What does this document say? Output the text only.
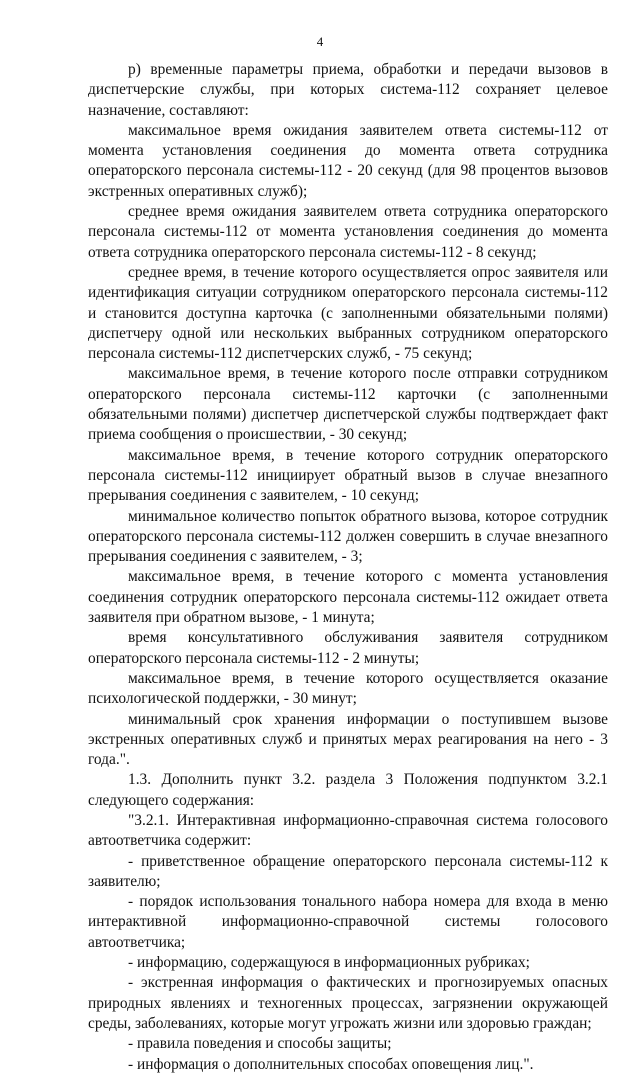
4

р) временные параметры приема, обработки и передачи вызовов в диспетчерские службы, при которых система-112 сохраняет целевое назначение, составляют:

максимальное время ожидания заявителем ответа системы-112 от момента установления соединения до момента ответа сотрудника операторского персонала системы-112 - 20 секунд (для 98 процентов вызовов экстренных оперативных служб);

среднее время ожидания заявителем ответа сотрудника операторского персонала системы-112 от момента установления соединения до момента ответа сотрудника операторского персонала системы-112 - 8 секунд;

среднее время, в течение которого осуществляется опрос заявителя или идентификация ситуации сотрудником операторского персонала системы-112 и становится доступна карточка (с заполненными обязательными полями) диспетчеру одной или нескольких выбранных сотрудником операторского персонала системы-112 диспетчерских служб, - 75 секунд;

максимальное время, в течение которого после отправки сотрудником операторского персонала системы-112 карточки (с заполненными обязательными полями) диспетчер диспетчерской службы подтверждает факт приема сообщения о происшествии, - 30 секунд;

максимальное время, в течение которого сотрудник операторского персонала системы-112 инициирует обратный вызов в случае внезапного прерывания соединения с заявителем, - 10 секунд;

минимальное количество попыток обратного вызова, которое сотрудник операторского персонала системы-112 должен совершить в случае внезапного прерывания соединения с заявителем, - 3;

максимальное время, в течение которого с момента установления соединения сотрудник операторского персонала системы-112 ожидает ответа заявителя при обратном вызове, - 1 минута;

время консультативного обслуживания заявителя сотрудником операторского персонала системы-112 - 2 минуты;

максимальное время, в течение которого осуществляется оказание психологической поддержки, - 30 минут;

минимальный срок хранения информации о поступившем вызове экстренных оперативных служб и принятых мерах реагирования на него - 3 года.".

1.3. Дополнить пункт 3.2. раздела 3 Положения подпунктом 3.2.1 следующего содержания:

"3.2.1. Интерактивная информационно-справочная система голосового автоответчика содержит:

- приветственное обращение операторского персонала системы-112 к заявителю;

- порядок использования тонального набора номера для входа в меню интерактивной информационно-справочной системы голосового автоответчика;

- информацию, содержащуюся в информационных рубриках;

- экстренная информация о фактических и прогнозируемых опасных природных явлениях и техногенных процессах, загрязнении окружающей среды, заболеваниях, которые могут угрожать жизни или здоровью граждан;

- правила поведения и способы защиты;

- информация о дополнительных способах оповещения лиц.".
